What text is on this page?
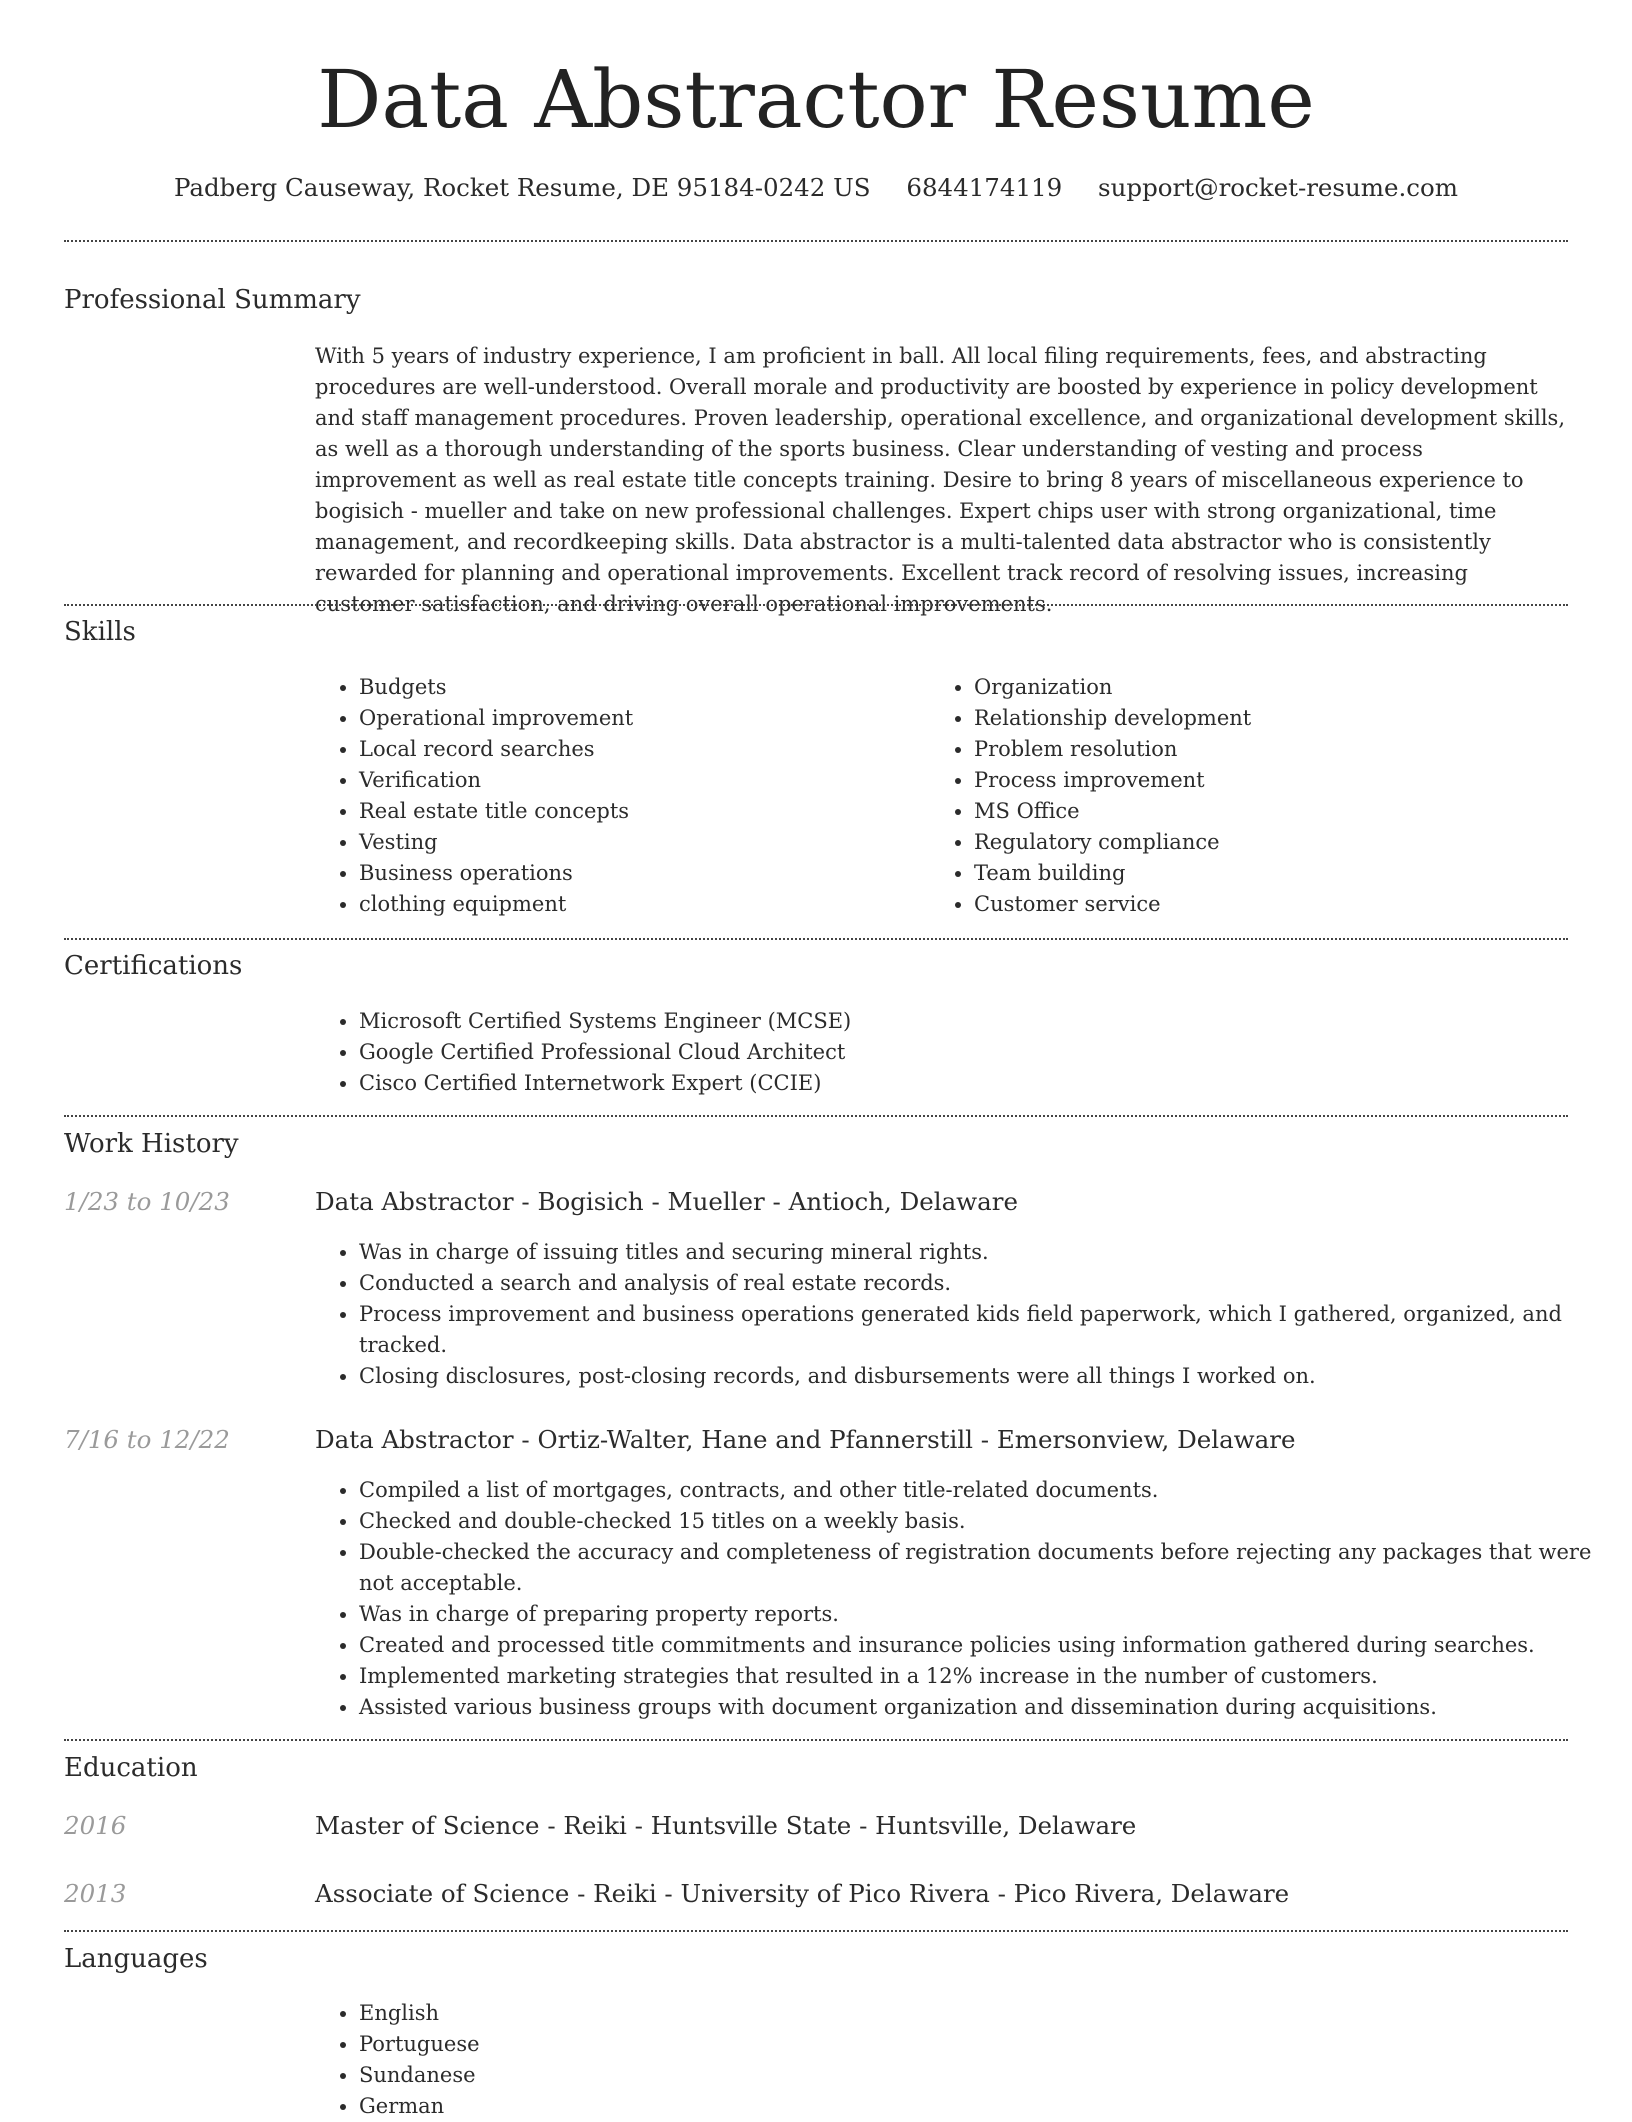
Data Abstractor Resume
Padberg Causeway, Rocket Resume, DE 95184-0242 US 6844174119 support@rocket-resume.com
Professional Summary

With 5 years of industry experience, I am proficient in ball. All local filing requirements, fees, and abstracting procedures are well-understood. Overall morale and productivity are boosted by experience in policy development and staff management procedures. Proven leadership, operational excellence, and organizational development skills, as well as a thorough understanding of the sports business. Clear understanding of vesting and process improvement as well as real estate title concepts training. Desire to bring 8 years of miscellaneous experience to bogisich - mueller and take on new professional challenges. Expert chips user with strong organizational, time management, and recordkeeping skills. Data abstractor is a multi-talented data abstractor who is consistently rewarded for planning and operational improvements. Excellent track record of resolving issues, increasing customer satisfaction, and driving overall operational improvements.

Skills
• Budgets
• Operational improvement
• Local record searches
• Verification
• Real estate title concepts
• Vesting
• Business operations
• clothing equipment
• Organization
• Relationship development
• Problem resolution
• Process improvement
• MS Office
• Regulatory compliance
• Team building
• Customer service
Certifications
• Microsoft Certified Systems Engineer (MCSE)
• Google Certified Professional Cloud Architect
• Cisco Certified Internetwork Expert (CCIE)
Work History
1/23 to 10/23	Data Abstractor - Bogisich - Mueller - Antioch, Delaware
• Was in charge of issuing titles and securing mineral rights.
• Conducted a search and analysis of real estate records.
• Process improvement and business operations generated kids field paperwork, which I gathered, organized, and tracked.
• Closing disclosures, post-closing records, and disbursements were all things I worked on.
7/16 to 12/22	Data Abstractor - Ortiz-Walter, Hane and Pfannerstill - Emersonview, Delaware
• Compiled a list of mortgages, contracts, and other title-related documents.
• Checked and double-checked 15 titles on a weekly basis.
• Double-checked the accuracy and completeness of registration documents before rejecting any packages that were not acceptable.
• Was in charge of preparing property reports.
• Created and processed title commitments and insurance policies using information gathered during searches.
• Implemented marketing strategies that resulted in a 12% increase in the number of customers.
• Assisted various business groups with document organization and dissemination during acquisitions.
Education
2016	Master of Science - Reiki - Huntsville State - Huntsville, Delaware
2013	Associate of Science - Reiki - University of Pico Rivera - Pico Rivera, Delaware
Languages
• English
• Portuguese
• Sundanese
• German
